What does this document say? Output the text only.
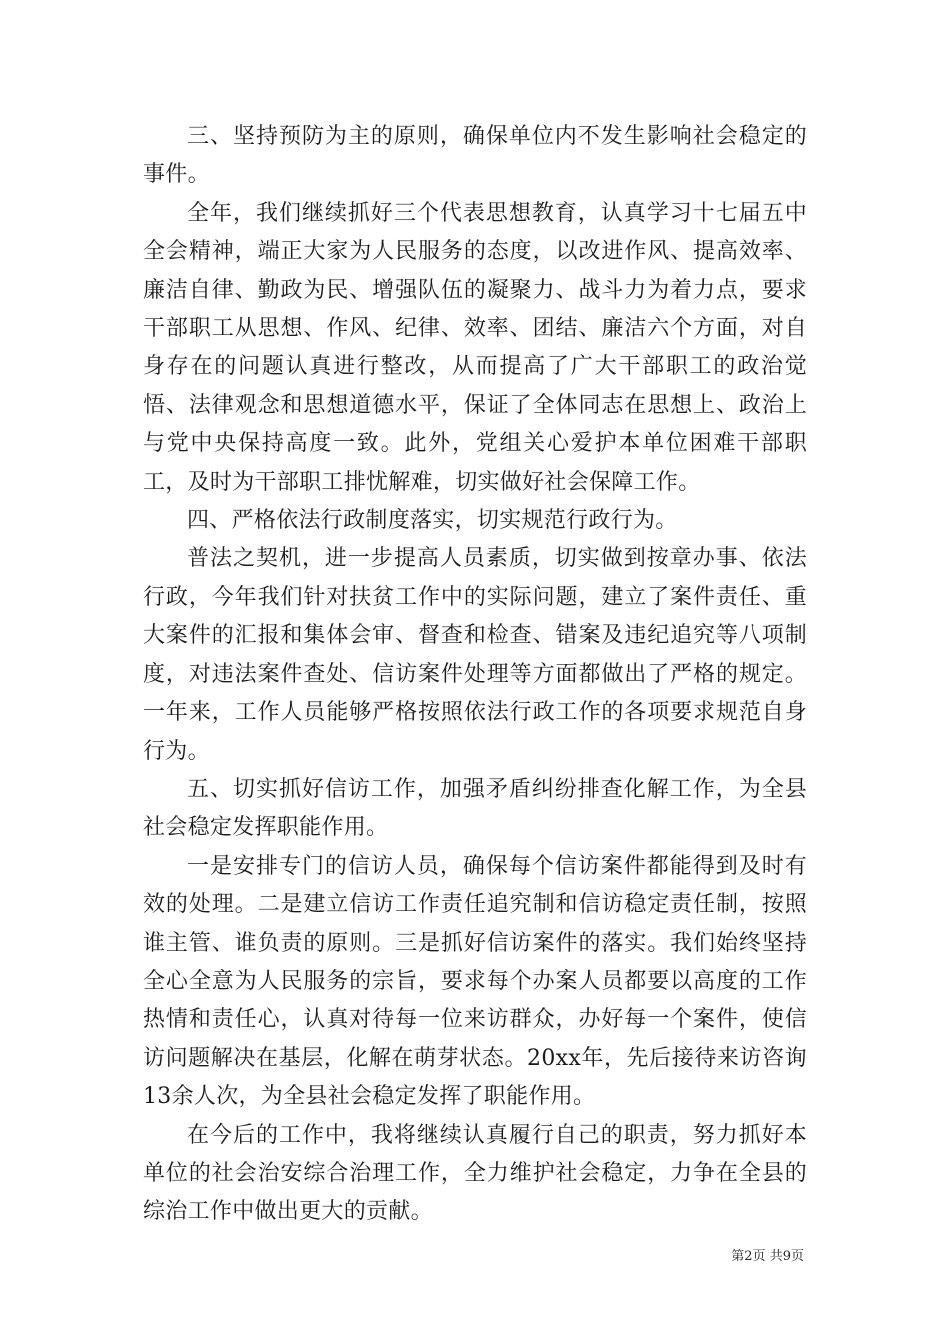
三、坚持预防为主的原则，确保单位内不发生影响社会稳定的事件。

全年，我们继续抓好三个代表思想教育，认真学习十七届五中全会精神，端正大家为人民服务的态度，以改进作风、提高效率、廉洁自律、勤政为民、增强队伍的凝聚力、战斗力为着力点，要求干部职工从思想、作风、纪律、效率、团结、廉洁六个方面，对自身存在的问题认真进行整改，从而提高了广大干部职工的政治觉悟、法律观念和思想道德水平，保证了全体同志在思想上、政治上与党中央保持高度一致。此外，党组关心爱护本单位困难干部职工，及时为干部职工排忧解难，切实做好社会保障工作。

四、严格依法行政制度落实，切实规范行政行为。

普法之契机，进一步提高人员素质，切实做到按章办事、依法行政，今年我们针对扶贫工作中的实际问题，建立了案件责任、重大案件的汇报和集体会审、督查和检查、错案及违纪追究等八项制度，对违法案件查处、信访案件处理等方面都做出了严格的规定。一年来，工作人员能够严格按照依法行政工作的各项要求规范自身行为。

五、切实抓好信访工作，加强矛盾纠纷排查化解工作，为全县社会稳定发挥职能作用。

一是安排专门的信访人员，确保每个信访案件都能得到及时有效的处理。二是建立信访工作责任追究制和信访稳定责任制，按照谁主管、谁负责的原则。三是抓好信访案件的落实。我们始终坚持全心全意为人民服务的宗旨，要求每个办案人员都要以高度的工作热情和责任心，认真对待每一位来访群众，办好每一个案件，使信访问题解决在基层，化解在萌芽状态。20xx年，先后接待来访咨询13余人次，为全县社会稳定发挥了职能作用。

在今后的工作中，我将继续认真履行自己的职责，努力抓好本单位的社会治安综合治理工作，全力维护社会稳定，力争在全县的综治工作中做出更大的贡献。

第2页 共9页
